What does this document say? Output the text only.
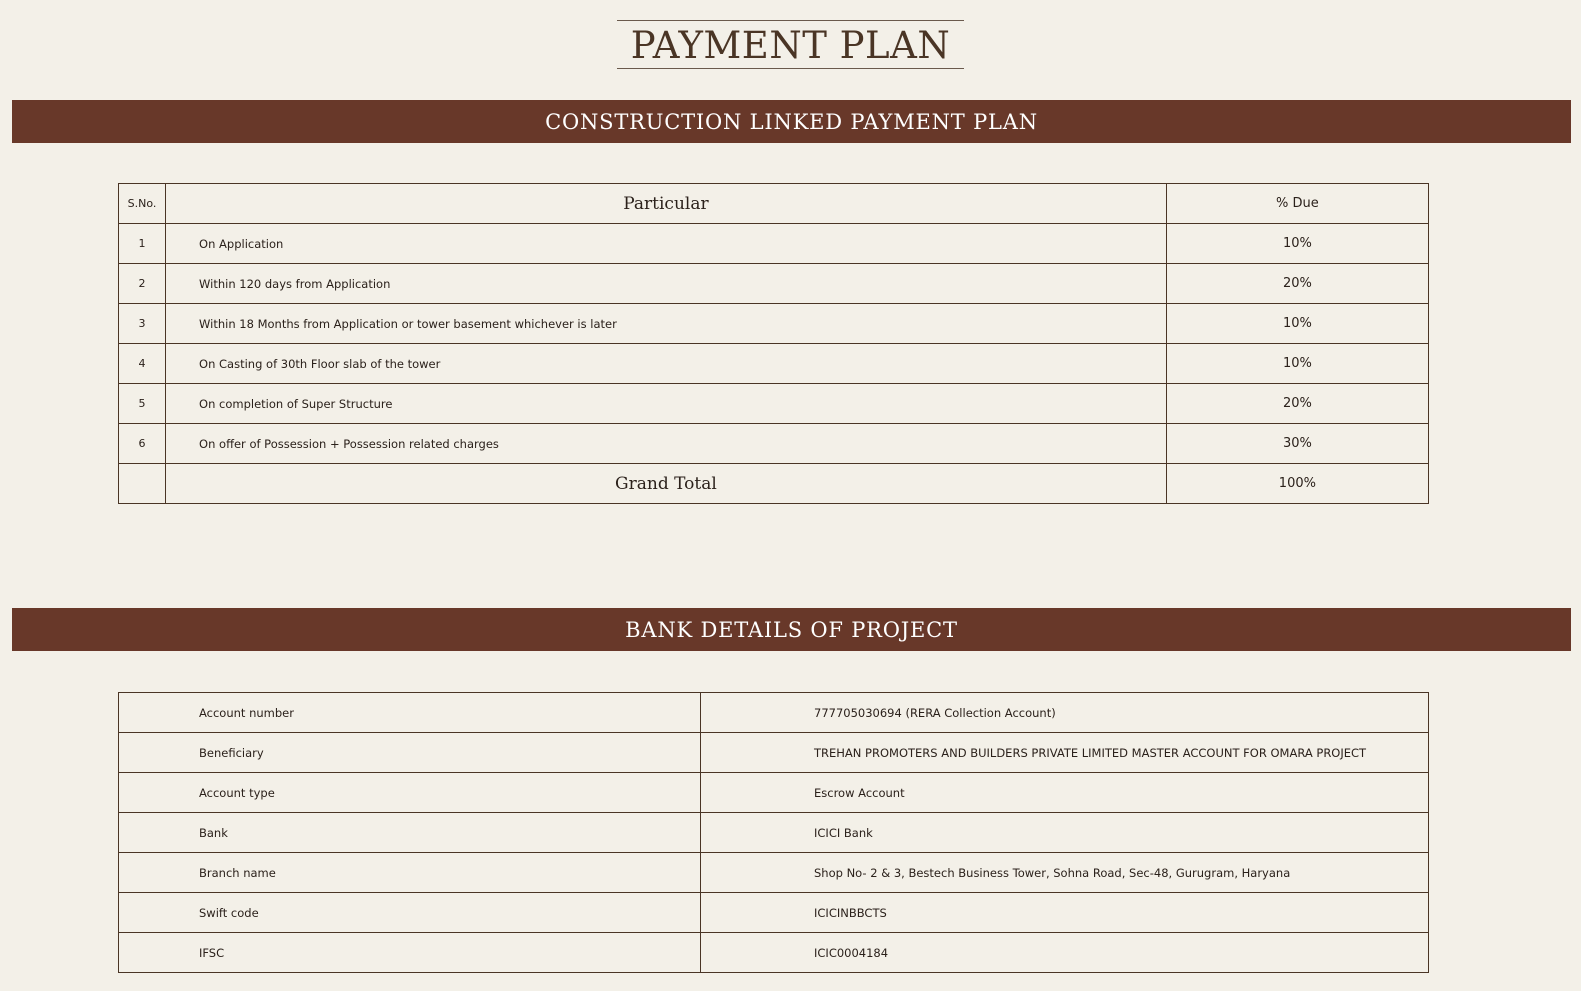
PAYMENT PLAN
CONSTRUCTION LINKED PAYMENT PLAN
S.No.	Particular	% Due
1	On Application	10%
2	Within 120 days from Application	20%
3	Within 18 Months from Application or tower basement whichever is later	10%
4	On Casting of 30th Floor slab of the tower	10%
5	On completion of Super Structure	20%
6	On offer of Possession + Possession related charges	30%
	Grand Total	100%
BANK DETAILS OF PROJECT
Account number	777705030694 (RERA Collection Account)
Beneficiary	TREHAN PROMOTERS AND BUILDERS PRIVATE LIMITED MASTER ACCOUNT FOR OMARA PROJECT
Account type	Escrow Account
Bank	ICICI Bank
Branch name	Shop No- 2 & 3, Bestech Business Tower, Sohna Road, Sec-48, Gurugram, Haryana
Swift code	ICICINBBCTS
IFSC	ICIC0004184
